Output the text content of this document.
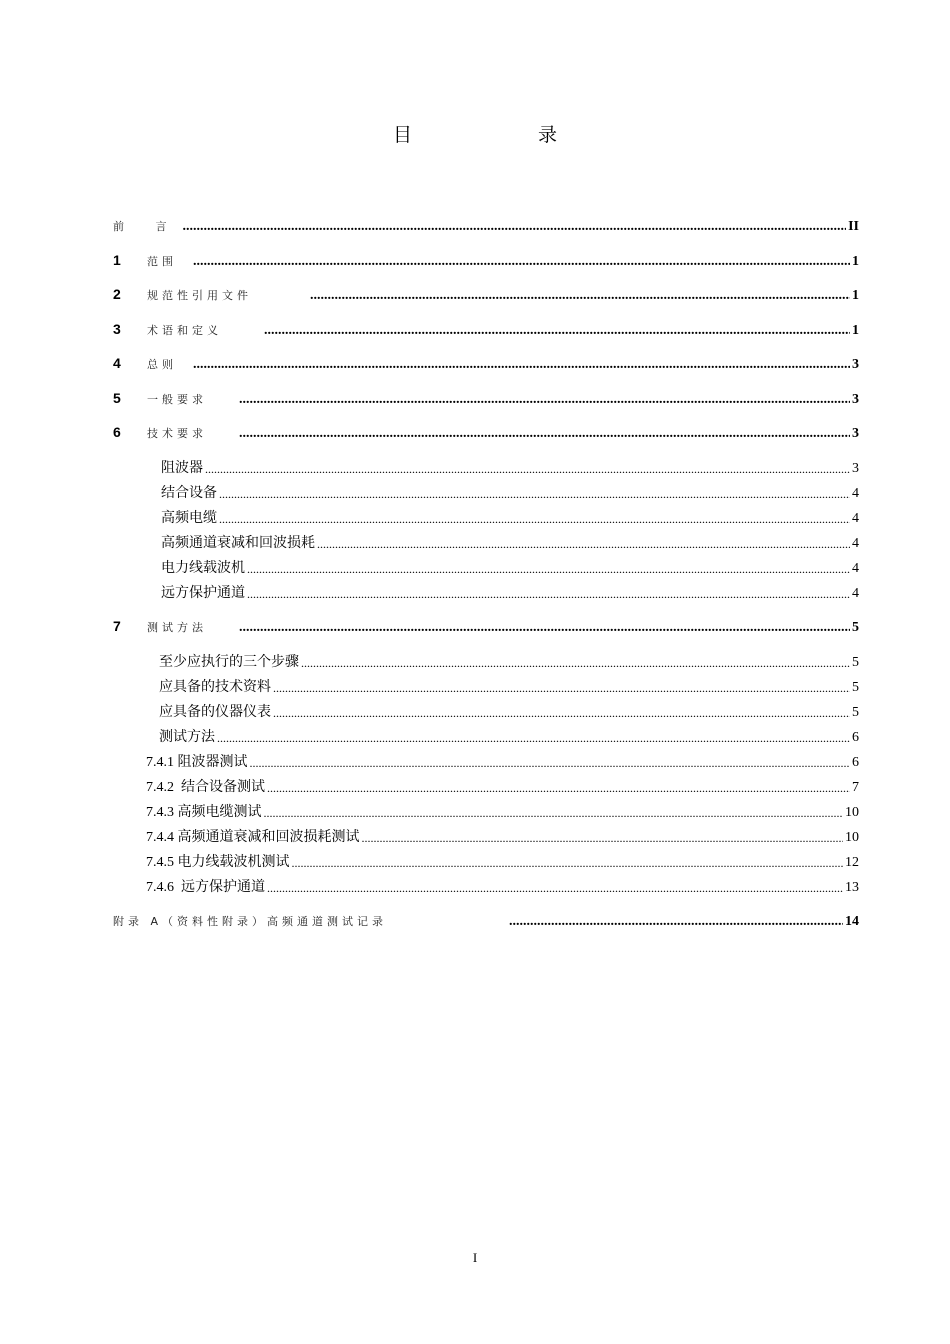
目 录
前 言 .....	II
1 范围 .....	1
2 规范性引用文件 .....	1
3 术语和定义 .....	1
4 总则 .....	3
5 一般要求 .....	3
6 技术要求 .....	3
阻波器 .....	3
结合设备 .....	4
高频电缆 .....	4
高频通道衰减和回波损耗 .....	4
电力线载波机 .....	4
远方保护通道 .....	4
7 测试方法 .....	5
至少应执行的三个步骤 .....	5
应具备的技术资料 .....	5
应具备的仪器仪表 .....	5
测试方法 .....	6
7.4.1 阻波器测试 .....	6
7.4.2  结合设备测试 .....	7
7.4.3 高频电缆测试 .....	10
7.4.4 高频通道衰减和回波损耗测试 .....	10
7.4.5 电力线载波机测试 .....	12
7.4.6  远方保护通道 .....	13
附录 A（资料性附录）高频通道测试记录 .....	14
I
